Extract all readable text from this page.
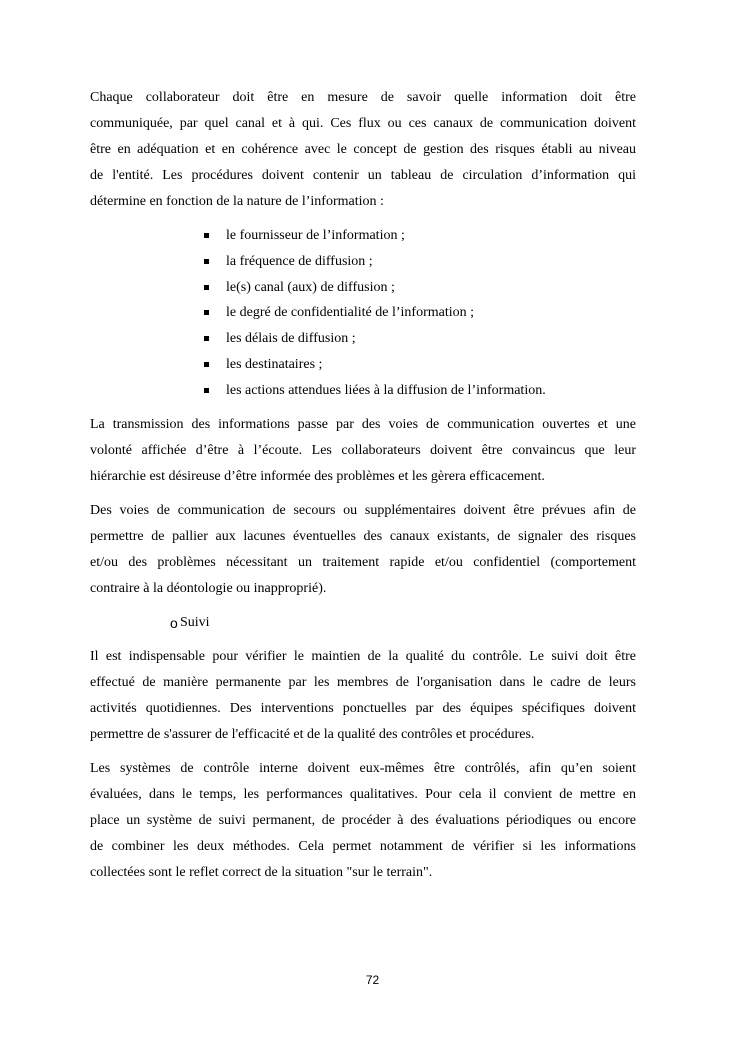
Chaque collaborateur doit être en mesure de savoir quelle information doit être
communiquée, par quel canal et à qui. Ces flux ou ces canaux de communication doivent
être en adéquation et en cohérence avec le concept de gestion des risques établi au niveau
de l'entité. Les procédures doivent contenir un tableau de circulation d’information qui
détermine en fonction de la nature de l’information :
le fournisseur de l’information ;
la fréquence de diffusion ;
le(s) canal (aux) de diffusion ;
le degré de confidentialité de l’information ;
les délais de diffusion ;
les destinataires ;
les actions attendues liées à la diffusion de l’information.
La transmission des informations passe par des voies de communication ouvertes et une
volonté affichée d’être à l’écoute. Les collaborateurs doivent être convaincus que leur
hiérarchie est désireuse d’être informée des problèmes et les gèrera efficacement.
Des voies de communication de secours ou supplémentaires doivent être prévues afin de
permettre de pallier aux lacunes éventuelles des canaux existants, de signaler des risques
et/ou des problèmes nécessitant un traitement rapide et/ou confidentiel (comportement
contraire à la déontologie ou inapproprié).
o Suivi
Il est indispensable pour vérifier le maintien de la qualité du contrôle. Le suivi doit être
effectué de manière permanente par les membres de l'organisation dans le cadre de leurs
activités quotidiennes. Des interventions ponctuelles par des équipes spécifiques doivent
permettre de s'assurer de l'efficacité et de la qualité des contrôles et procédures.
Les systèmes de contrôle interne doivent eux-mêmes être contrôlés, afin qu’en soient
évaluées, dans le temps, les performances qualitatives. Pour cela il convient de mettre en
place un système de suivi permanent, de procéder à des évaluations périodiques ou encore
de combiner les deux méthodes. Cela permet notamment de vérifier si les informations
collectées sont le reflet correct de la situation "sur le terrain".
72
